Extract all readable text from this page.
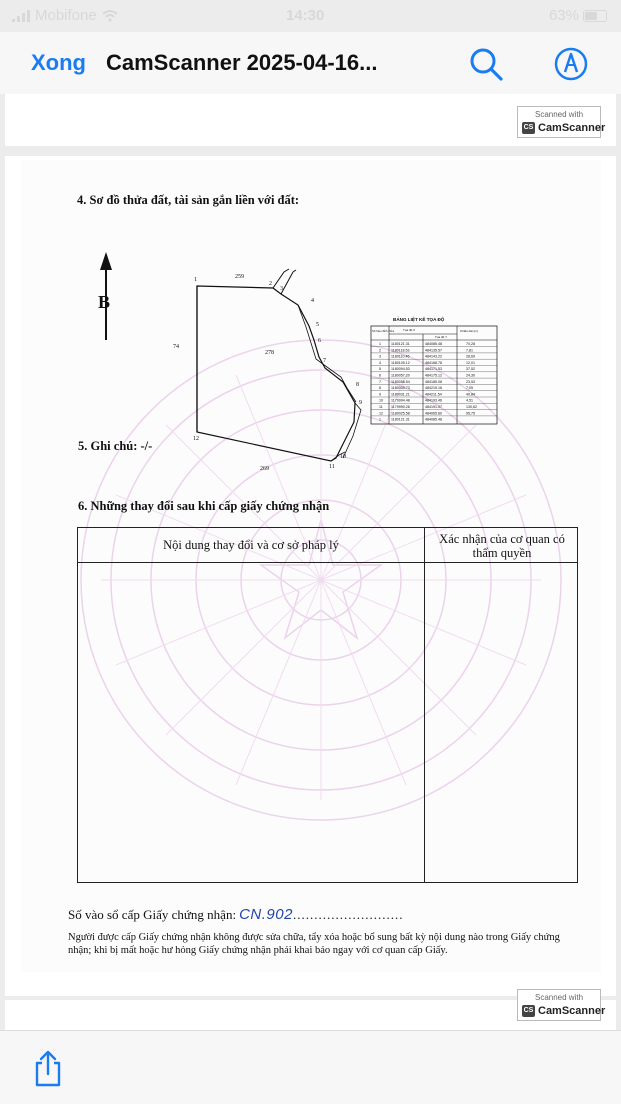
Mobifone	14:30	63%
Xong CamScanner 2025-04-16...
Scanned with
CS CamScanner
4. Sơ đồ thửa đất, tài sản gắn liền với đất:
B
259
74
278
269
1
2
3
4
5
6
7
8
9
10
11
12
BẢNG LIỆT KÊ TỌA ĐỘ
Số hiệu đỉnh thửa	Tọa độ X
Tọa độ Y
Chiều dài (m)
1	1180121.31	484085.48	70,28
2	1180118.53	484135.57	7,81
3	1180110.46	484143.22	28,69
4	1180105.12	484168.78	12,01
5	1180094.53	484171.53	37,52
6	1180057.20	484175.12	24,30
7	1180058.54	484185.08	23,53
8	1180035.73	484215.16	7,05
9	1180031.21	484211.54	40,84
10 1179994.48	484193.46	4,51
11 1179990.26	484191.07	130,62
12 1180025.58	484065.60	95,75
1	1180121.31	484085.48
5. Ghi chú: -/-
6. Những thay đổi sau khi cấp giấy chứng nhận
Nội dung thay đổi và cơ sở pháp lý	Xác nhận của cơ quan có thẩm quyền
Số vào sổ cấp Giấy chứng nhận: CN.902 ..........................
Người được cấp Giấy chứng nhận không được sửa chữa, tẩy xóa hoặc bổ sung bất kỳ nội dung nào trong Giấy chứng nhận; khi bị mất hoặc hư hỏng Giấy chứng nhận phải khai báo ngay với cơ quan cấp Giấy.
Scanned with
CS CamScanner
